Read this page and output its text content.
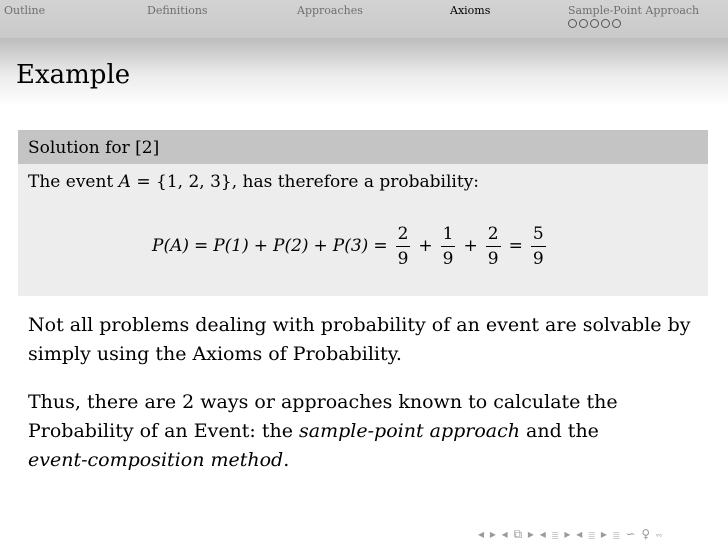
Outline	Definitions	Approaches	Axioms	Sample-Point Approach
Example
Solution for [2]
The event A = {1, 2, 3}, has therefore a probability:
$P(A) = P(1) + P(2) + P(3) = \frac{2}{9} + \frac{1}{9} + \frac{2}{9} = \frac{5}{9}$
Not all problems dealing with probability of an event are solvable by
simply using the Axioms of Probability.
Thus, there are 2 ways or approaches known to calculate the
Probability of an Event: the sample-point approach and the
event-composition method.
◂ ▸ ◂ ⧉ ▸ ◂ ≣ ▸ ◂ ≣ ▸ ≣ ∽ ♀ ∾
